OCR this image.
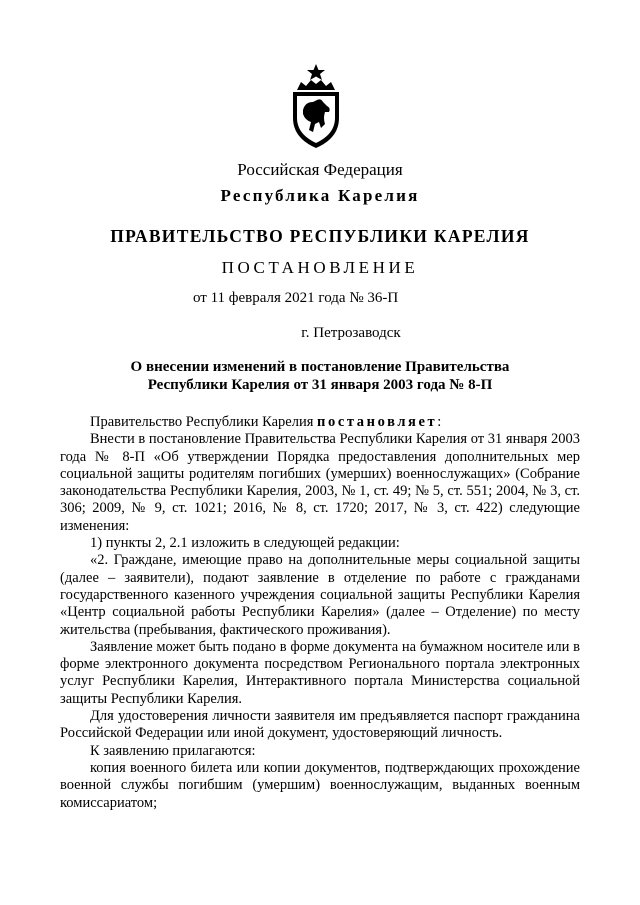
Российская Федерация
Республика Карелия
ПРАВИТЕЛЬСТВО РЕСПУБЛИКИ КАРЕЛИЯ
ПОСТАНОВЛЕНИЕ
от 11 февраля 2021 года № 36-П
г. Петрозаводск
О внесении изменений в постановление Правительства
Республики Карелия от 31 января 2003 года № 8-П

Правительство Республики Карелия постановляет:

Внести в постановление Правительства Республики Карелия от 31 января 2003 года № 8-П «Об утверждении Порядка предоставления дополнительных мер социальной защиты родителям погибших (умерших) военнослужащих» (Собрание законодательства Республики Карелия, 2003, № 1, ст. 49; № 5, ст. 551; 2004, № 3, ст. 306; 2009, № 9, ст. 1021; 2016, № 8, ст. 1720; 2017, № 3, ст. 422) следующие изменения:

1) пункты 2, 2.1 изложить в следующей редакции:

«2. Граждане, имеющие право на дополнительные меры социальной защиты (далее – заявители), подают заявление в отделение по работе с гражданами государственного казенного учреждения социальной защиты Республики Карелия «Центр социальной работы Республики Карелия» (далее – Отделение) по месту жительства (пребывания, фактического проживания).

Заявление может быть подано в форме документа на бумажном носителе или в форме электронного документа посредством Регионального портала электронных услуг Республики Карелия, Интерактивного портала Министерства социальной защиты Республики Карелия.

Для удостоверения личности заявителя им предъявляется паспорт гражданина Российской Федерации или иной документ, удостоверяющий личность.

К заявлению прилагаются:

копия военного билета или копии документов, подтверждающих прохождение военной службы погибшим (умершим) военнослужащим, выданных военным комиссариатом;
